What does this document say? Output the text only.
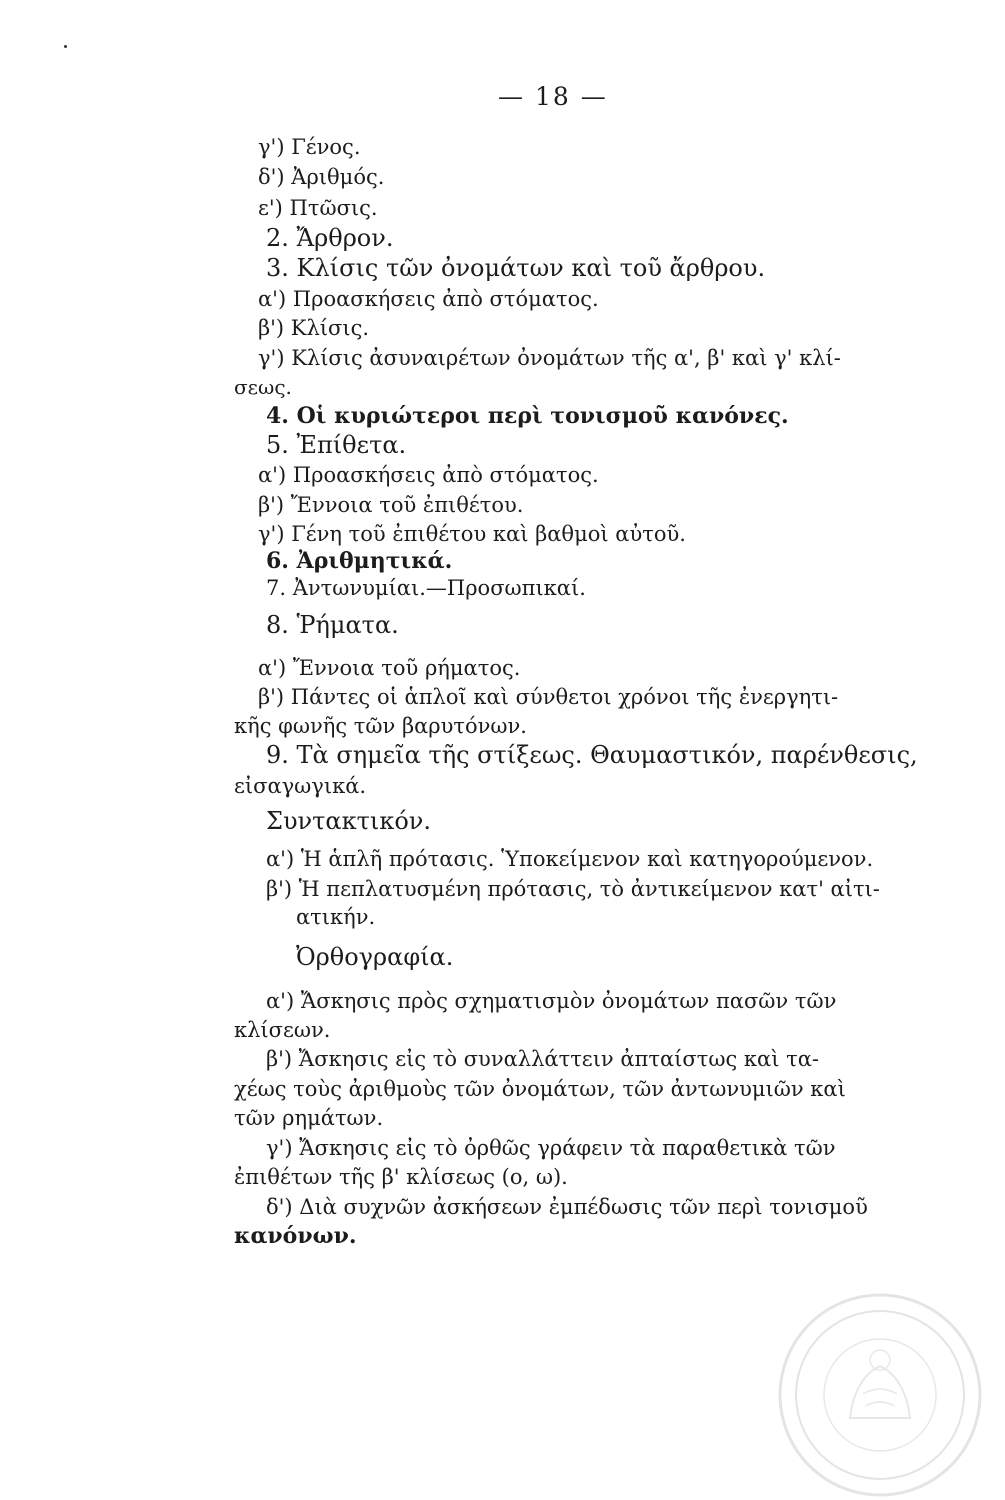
— 18 —
γ') Γένος.
δ') Ἀριθμός.
ε') Πτῶσις.
2. Ἄρθρον.
3. Κλίσις τῶν ὀνομάτων καὶ τοῦ ἄρθρου.
α') Προασκήσεις ἀπὸ στόματος.
β') Κλίσις.
γ') Κλίσις ἀσυναιρέτων ὀνομάτων τῆς α', β' καὶ γ' κλί-
σεως.
4. Οἱ κυριώτεροι περὶ τονισμοῦ κανόνες.
5. Ἐπίθετα.
α') Προασκήσεις ἀπὸ στόματος.
β') Ἔννοια τοῦ ἐπιθέτου.
γ') Γένη τοῦ ἐπιθέτου καὶ βαθμοὶ αὐτοῦ.
6. Ἀριθμητικά.
7. Ἀντωνυμίαι.—Προσωπικαί.
8. Ῥήματα.
α') Ἔννοια τοῦ ρήματος.
β') Πάντες οἱ ἁπλοῖ καὶ σύνθετοι χρόνοι τῆς ἐνεργητι-
κῆς φωνῆς τῶν βαρυτόνων.
9. Τὰ σημεῖα τῆς στίξεως. Θαυμαστικόν, παρένθεσις,
εἰσαγωγικά.
Συντακτικόν.
α') Ἡ ἁπλῆ πρότασις. Ὑποκείμενον καὶ κατηγορούμενον.
β') Ἡ πεπλατυσμένη πρότασις, τὸ ἀντικείμενον κατ' αἰτι-
ατικήν.
Ὀρθογραφία.
α') Ἄσκησις πρὸς σχηματισμὸν ὀνομάτων πασῶν τῶν
κλίσεων.
β') Ἄσκησις εἰς τὸ συναλλάττειν ἀπταίστως καὶ τα-
χέως τοὺς ἀριθμοὺς τῶν ὀνομάτων, τῶν ἀντωνυμιῶν καὶ
τῶν ρημάτων.
γ') Ἄσκησις εἰς τὸ ὀρθῶς γράφειν τὰ παραθετικὰ τῶν
ἐπιθέτων τῆς β' κλίσεως (ο, ω).
δ') Διὰ συχνῶν ἀσκήσεων ἐμπέδωσις τῶν περὶ τονισμοῦ
κανόνων.
